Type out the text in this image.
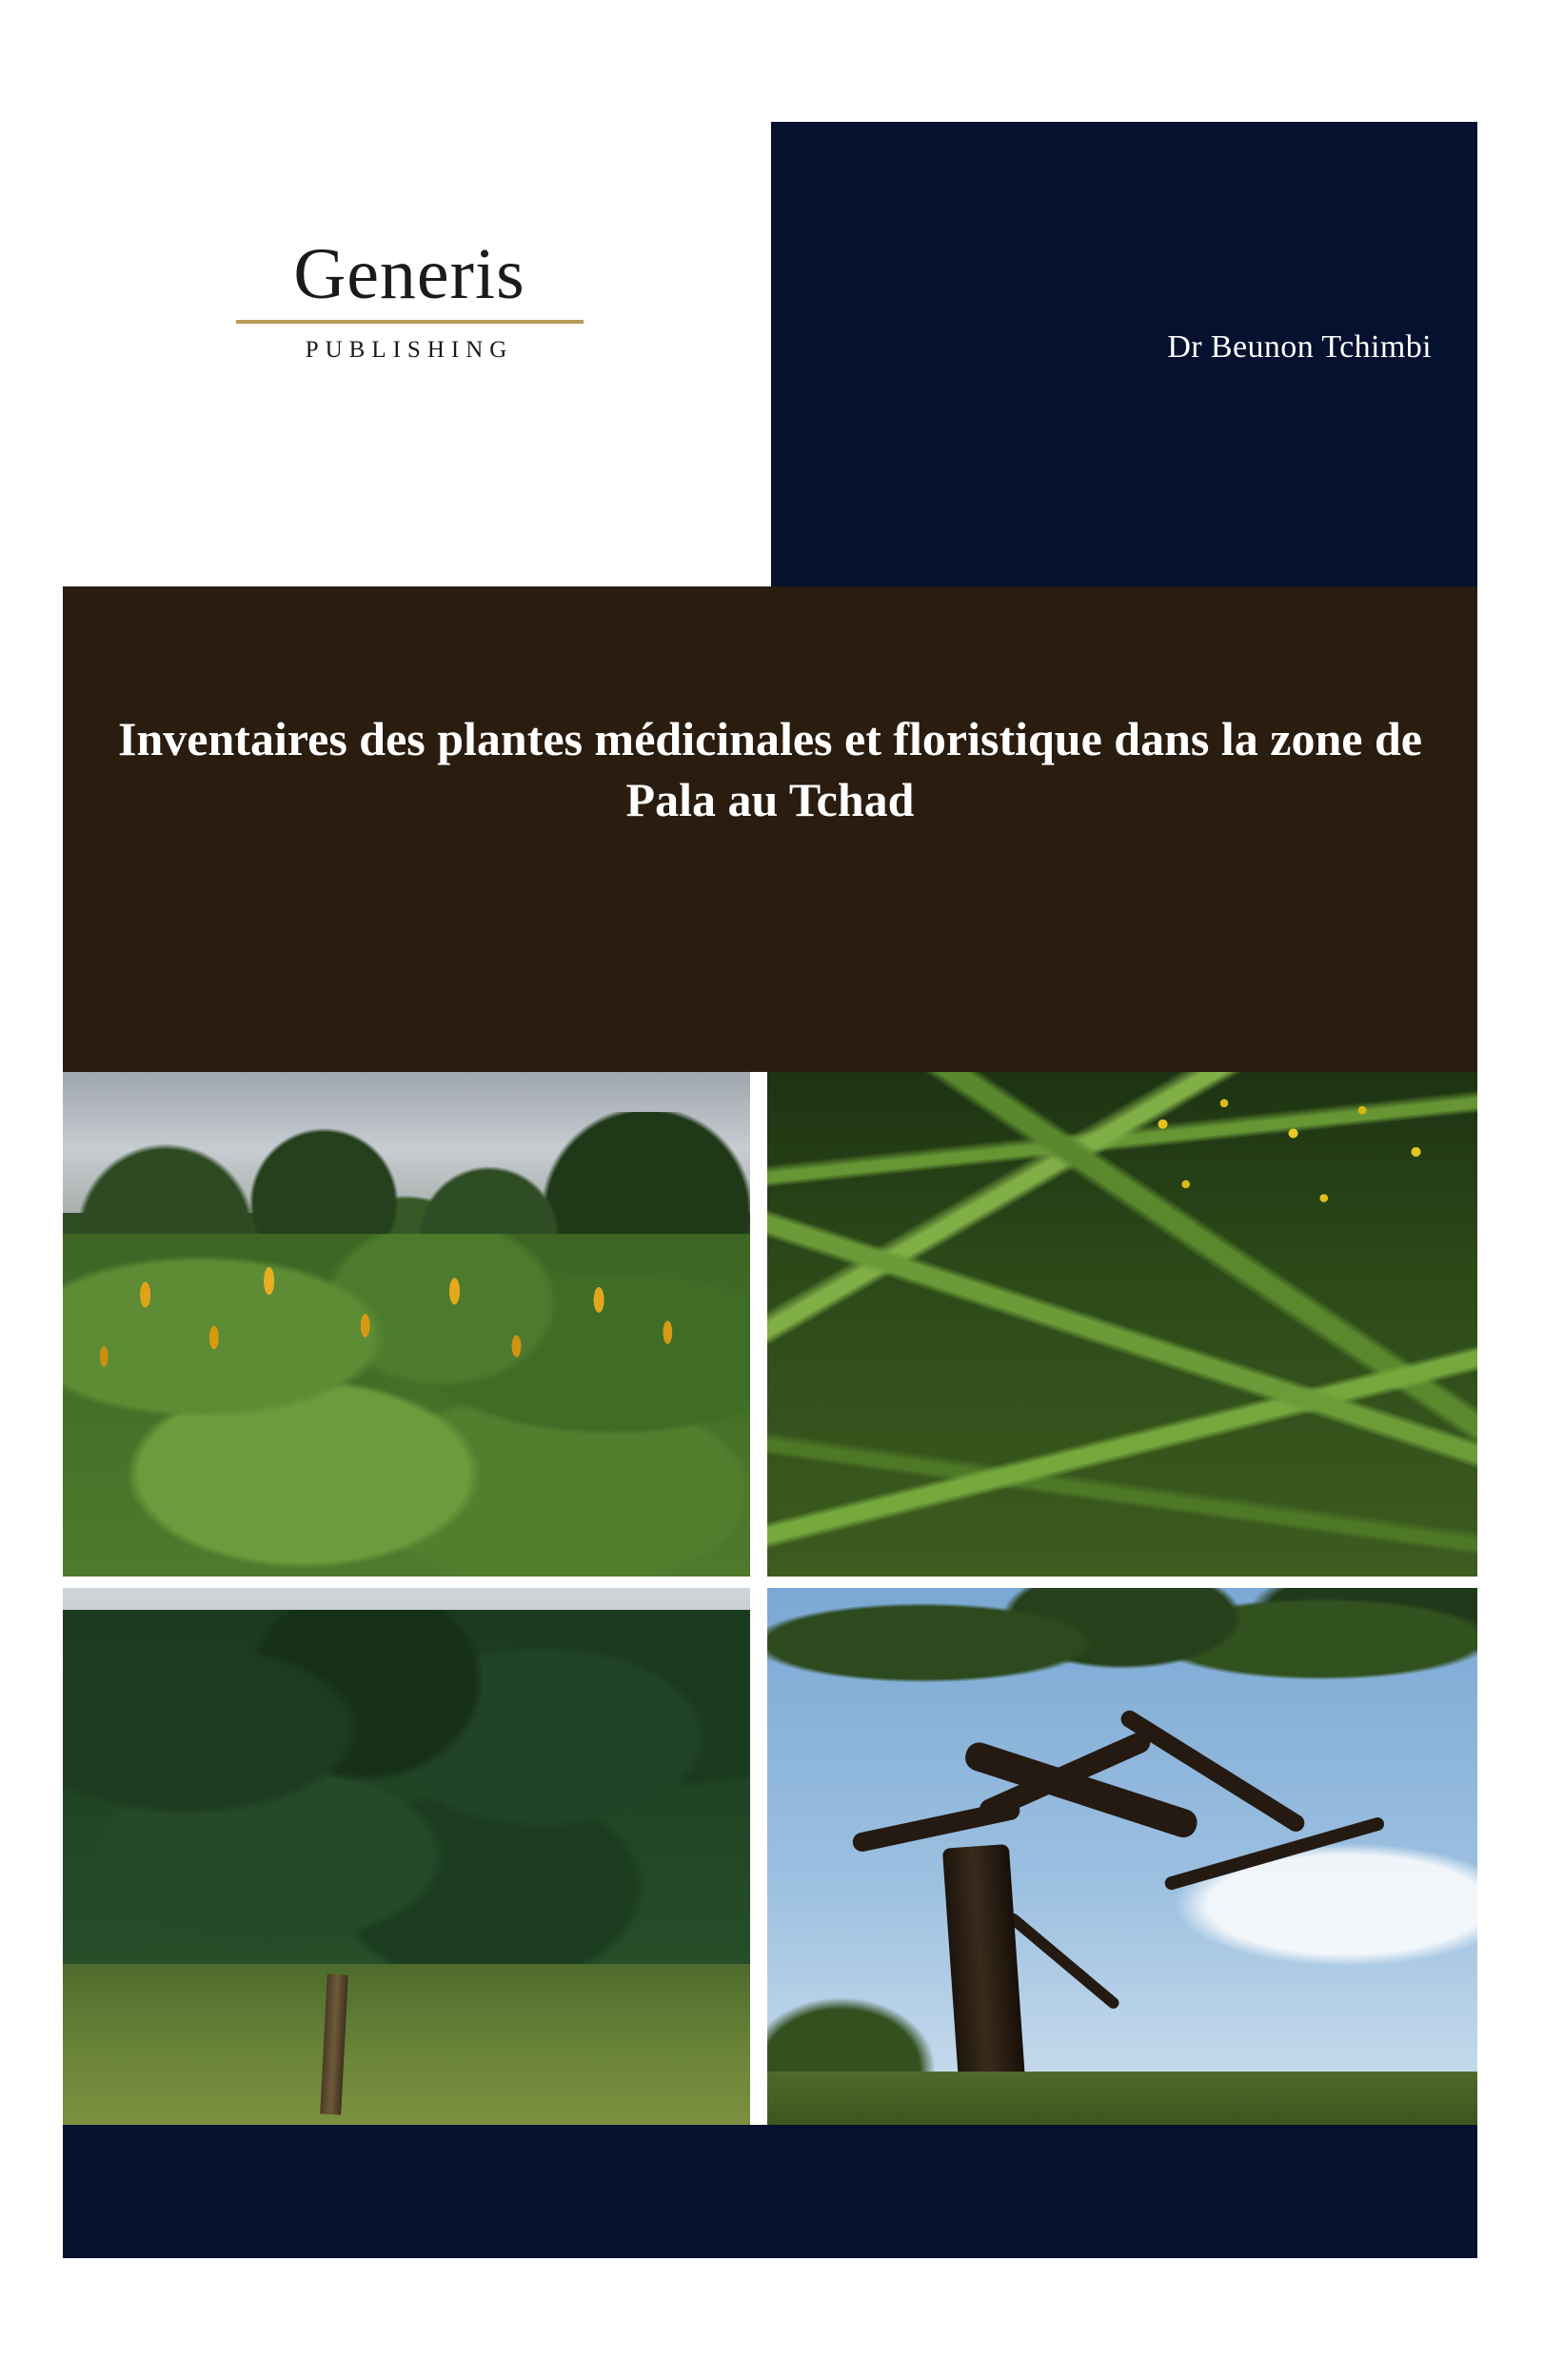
Dr Beunon Tchimbi
Generis
PUBLISHING
Inventaires des plantes médicinales et floristique dans la zone de Pala au Tchad
